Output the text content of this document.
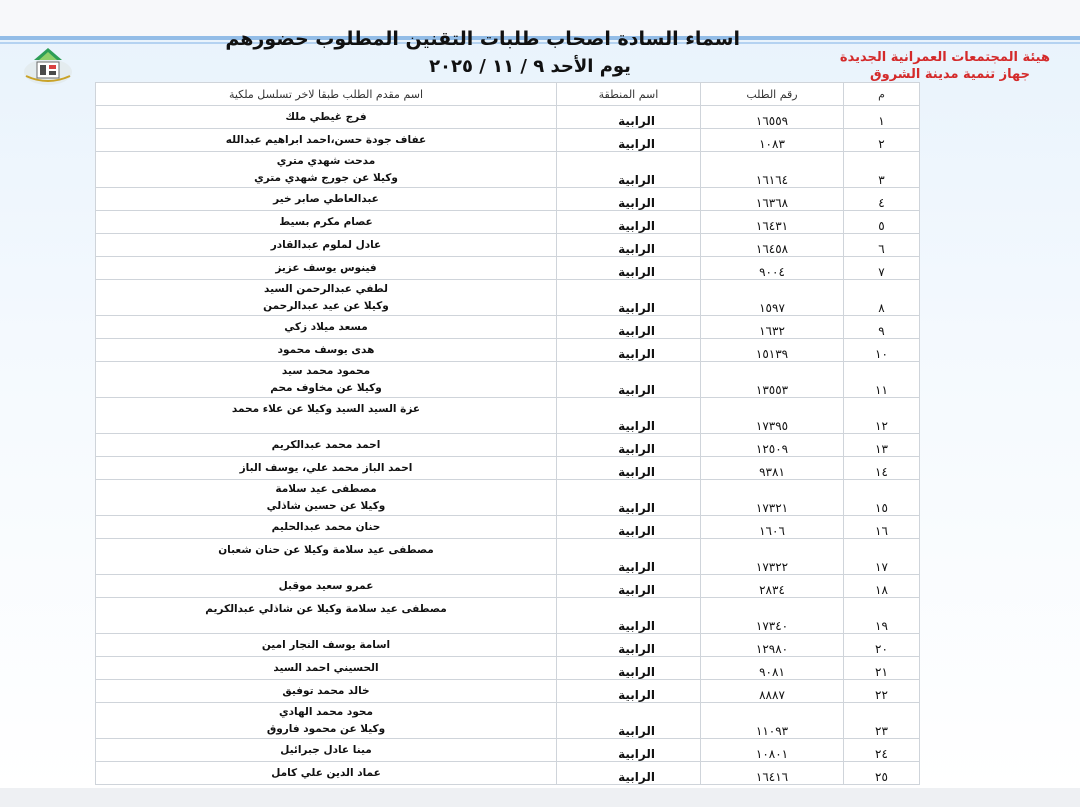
اسماء السادة اصحاب طلبات التقنين المطلوب حضورهم
يوم الأحد ٩ / ١١ / ٢٠٢٥	هيئة المجتمعات العمرانية الجديدة
جهاز تنمية مدينة الشروق
م	رقم الطلب	اسم المنطقة	اسم مقدم الطلب طبقا لاخر تسلسل ملكية
١	١٦٥٥٩	الرابية	فرج غيطي ملك

٢	١٠٨٣	الرابية	عفاف جودة حسن،احمد ابراهيم عبدالله

٣	١٦١٦٤	الرابية	مدحت شهدي متري
وكيلا عن جورج شهدي متري

٤	١٦٣٦٨	الرابية	عبدالعاطي صابر خير

٥	١٦٤٣١	الرابية	عصام مكرم بسيط

٦	١٦٤٥٨	الرابية	عادل لملوم عبدالقادر

٧	٩٠٠٤	الرابية	فينوس يوسف عزيز

٨	١٥٩٧	الرابية	لطفي عبدالرحمن السيد
وكيلا عن عيد عبدالرحمن

٩	١٦٣٢	الرابية	مسعد ميلاد زكي

١٠	١٥١٣٩	الرابية	هدى يوسف محمود

١١	١٣٥٥٣	الرابية	محمود محمد سيد
وكيلا عن مخاوف محم

١٢	١٧٣٩٥	الرابية	عزة السيد السيد وكيلا عن علاء محمد

١٣	١٢٥٠٩	الرابية	احمد محمد عبدالكريم

١٤	٩٣٨١	الرابية	احمد الباز محمد علي، يوسف الباز

١٥	١٧٣٢١	الرابية	مصطفى عيد سلامة
وكيلا عن حسين شاذلي

١٦	١٦٠٦	الرابية	حنان محمد عبدالحليم

١٧	١٧٣٢٢	الرابية	مصطفى عيد سلامة وكيلا عن حنان شعبان

١٨	٢٨٣٤	الرابية	عمرو سعيد موقبل

١٩	١٧٣٤٠	الرابية	مصطفى عيد سلامة وكيلا عن شاذلي عبدالكريم

٢٠	١٢٩٨٠	الرابية	اسامة يوسف النجار امين

٢١	٩٠٨١	الرابية	الحسيني احمد السيد

٢٢	٨٨٨٧	الرابية	خالد محمد توفيق

٢٣	١١٠٩٣	الرابية	محود محمد الهادي
وكيلا عن محمود فاروق

٢٤	١٠٨٠١	الرابية	مينا عادل جبرائيل

٢٥	١٦٤١٦	الرابية	عماد الدين علي كامل
